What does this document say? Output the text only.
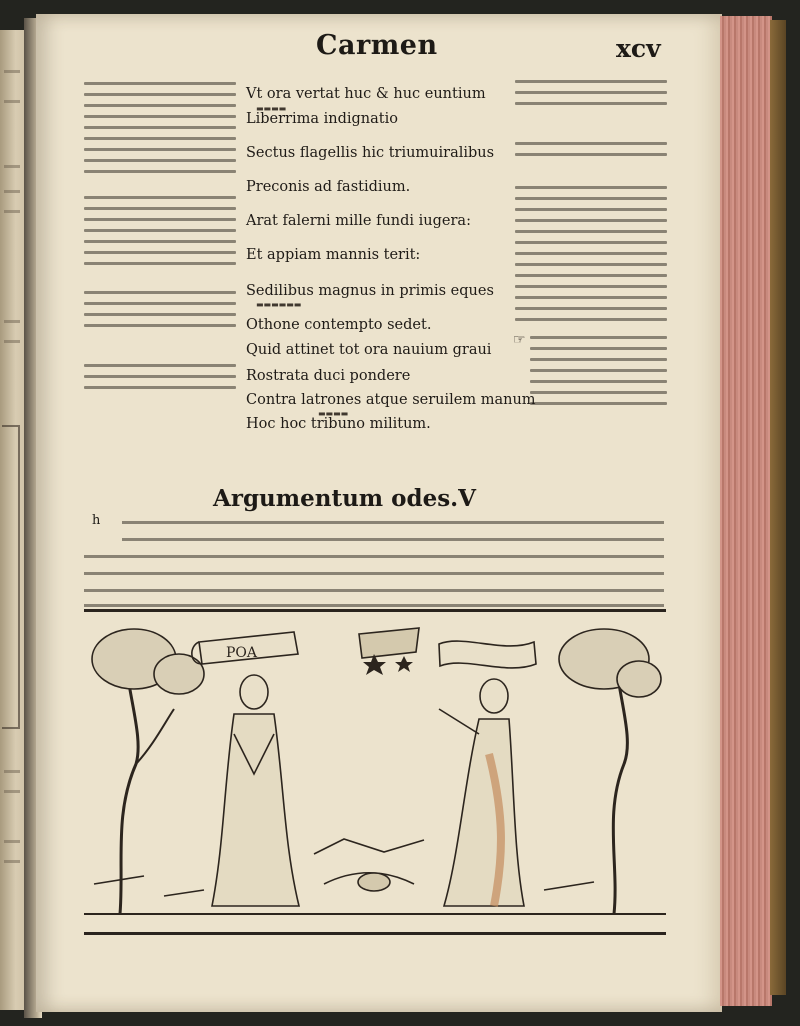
Carmen	xcv
☞
Vt ora vertat huc & huc euntium
▬▬▬▬
Liberrima indignatio
Sectus flagellis hic triumuiralibus
Preconis ad fastidium.
Arat falerni mille fundi iugera:
Et appiam mannis terit:
Sedilibus magnus in primis eques
▬▬▬▬▬▬
Othone contempto sedet.
Quid attinet tot ora nauium graui
Rostrata duci pondere
Contra latrones atque seruilem manum
▬▬▬▬
Hoc hoc tribuno militum.
Argumentum odes.V
h
POA
